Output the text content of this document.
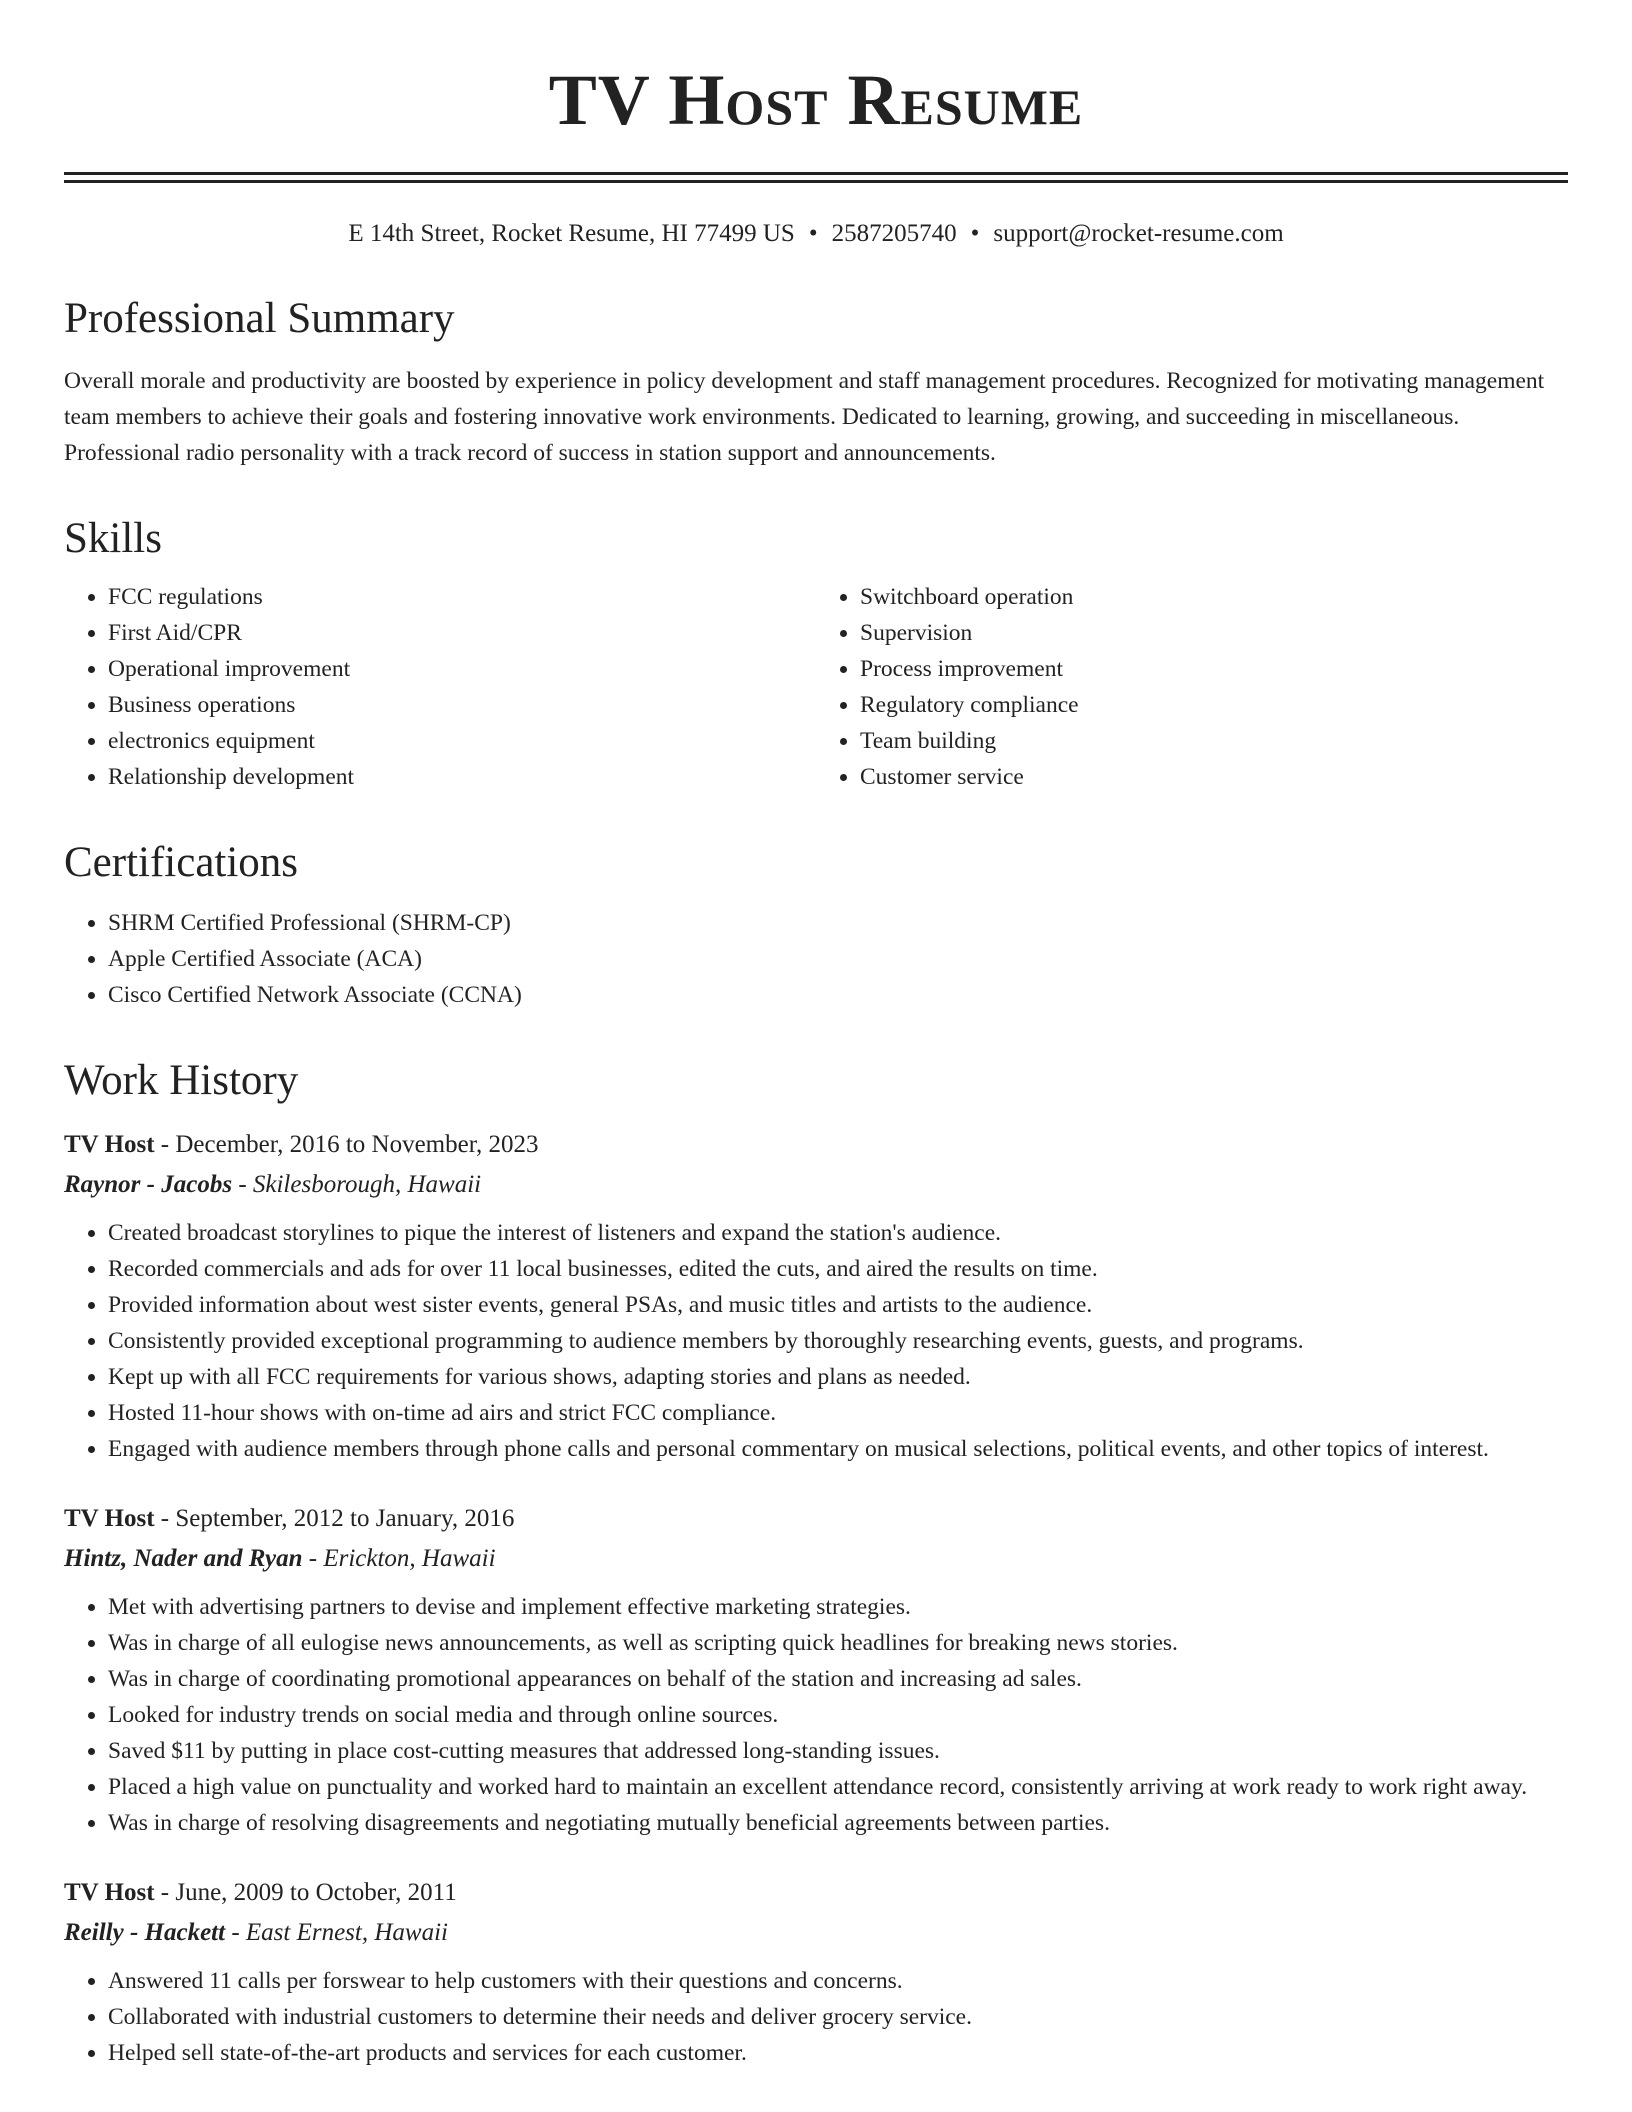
TV Host Resume
E 14th Street, Rocket Resume, HI 77499 US • 2587205740 • support@rocket-resume.com
Professional Summary

Overall morale and productivity are boosted by experience in policy development and staff management procedures. Recognized for motivating management team members to achieve their goals and fostering innovative work environments. Dedicated to learning, growing, and succeeding in miscellaneous. Professional radio personality with a track record of success in station support and announcements.

Skills
• FCC regulations
• First Aid/CPR
• Operational improvement
• Business operations
• electronics equipment
• Relationship development
• Switchboard operation
• Supervision
• Process improvement
• Regulatory compliance
• Team building
• Customer service
Certifications
• SHRM Certified Professional (SHRM-CP)
• Apple Certified Associate (ACA)
• Cisco Certified Network Associate (CCNA)
Work History
TV Host - December, 2016 to November, 2023
Raynor - Jacobs - Skilesborough, Hawaii
• Created broadcast storylines to pique the interest of listeners and expand the station's audience.
• Recorded commercials and ads for over 11 local businesses, edited the cuts, and aired the results on time.
• Provided information about west sister events, general PSAs, and music titles and artists to the audience.
• Consistently provided exceptional programming to audience members by thoroughly researching events, guests, and programs.
• Kept up with all FCC requirements for various shows, adapting stories and plans as needed.
• Hosted 11-hour shows with on-time ad airs and strict FCC compliance.
• Engaged with audience members through phone calls and personal commentary on musical selections, political events, and other topics of interest.
TV Host - September, 2012 to January, 2016
Hintz, Nader and Ryan - Erickton, Hawaii
• Met with advertising partners to devise and implement effective marketing strategies.
• Was in charge of all eulogise news announcements, as well as scripting quick headlines for breaking news stories.
• Was in charge of coordinating promotional appearances on behalf of the station and increasing ad sales.
• Looked for industry trends on social media and through online sources.
• Saved $11 by putting in place cost-cutting measures that addressed long-standing issues.
• Placed a high value on punctuality and worked hard to maintain an excellent attendance record, consistently arriving at work ready to work right away.
• Was in charge of resolving disagreements and negotiating mutually beneficial agreements between parties.
TV Host - June, 2009 to October, 2011
Reilly - Hackett - East Ernest, Hawaii
• Answered 11 calls per forswear to help customers with their questions and concerns.
• Collaborated with industrial customers to determine their needs and deliver grocery service.
• Helped sell state-of-the-art products and services for each customer.
